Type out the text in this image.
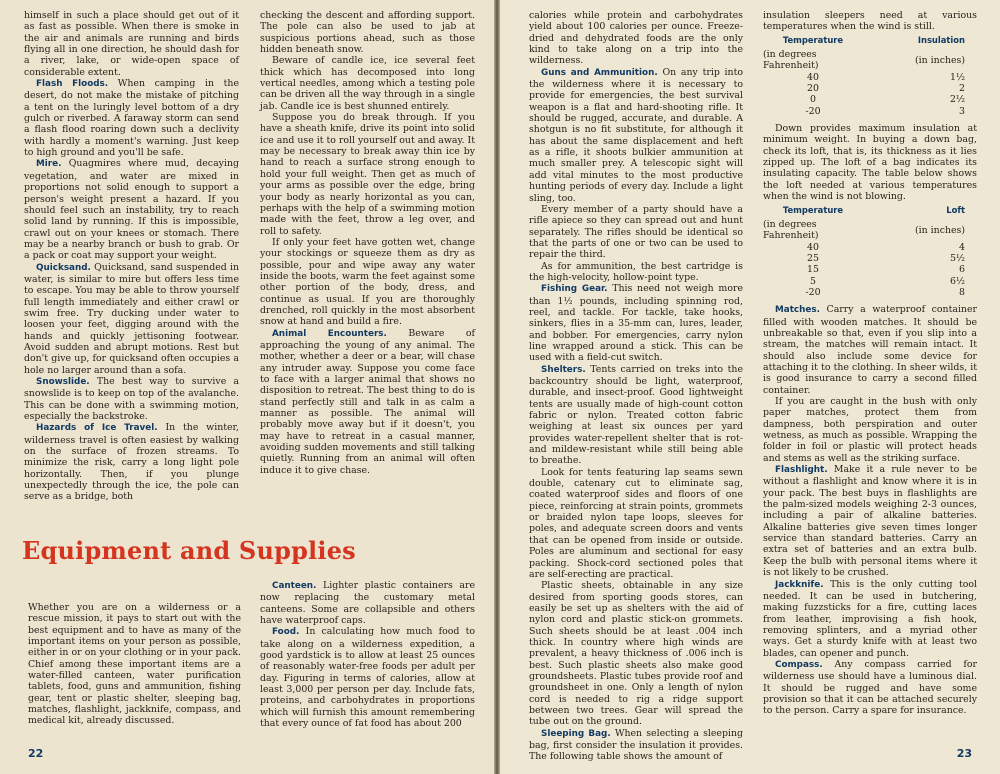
himself in such a place should get out of it as fast as possible. When there is smoke in the air and animals are running and birds flying all in one direction, he should dash for a river, lake, or wide-open space of considerable extent.

Flash Floods. When camping in the desert, do not make the mistake of pitching a tent on the luringly level bottom of a dry gulch or riverbed. A faraway storm can send a flash flood roaring down such a declivity with hardly a moment's warning. Just keep to high ground and you'll be safe.

Mire. Quagmires where mud, decaying vegetation, and water are mixed in proportions not solid enough to support a person's weight present a hazard. If you should feel such an instability, try to reach solid land by running. If this is impossible, crawl out on your knees or stomach. There may be a nearby branch or bush to grab. Or a pack or coat may support your weight.

Quicksand. Quicksand, sand suspended in water, is similar to mire but offers less time to escape. You may be able to throw yourself full length immediately and either crawl or swim free. Try ducking under water to loosen your feet, digging around with the hands and quickly jettisoning footwear. Avoid sudden and abrupt motions. Rest but don't give up, for quicksand often occupies a hole no larger around than a sofa.

Snowslide. The best way to survive a snowslide is to keep on top of the avalanche. This can be done with a swimming motion, especially the backstroke.

Hazards of Ice Travel. In the winter, wilderness travel is often easiest by walking on the surface of frozen streams. To minimize the risk, carry a long light pole horizontally. Then, if you plunge unexpectedly through the ice, the pole can serve as a bridge, both

checking the descent and affording support. The pole can also be used to jab at suspicious portions ahead, such as those hidden beneath snow.

Beware of candle ice, ice several feet thick which has decomposed into long vertical needles, among which a testing pole can be driven all the way through in a single jab. Candle ice is best shunned entirely.

Suppose you do break through. If you have a sheath knife, drive its point into solid ice and use it to roll yourself out and away. It may be necessary to break away thin ice by hand to reach a surface strong enough to hold your full weight. Then get as much of your arms as possible over the edge, bring your body as nearly horizontal as you can, perhaps with the help of a swimming motion made with the feet, throw a leg over, and roll to safety.

If only your feet have gotten wet, change your stockings or squeeze them as dry as possible, pour and wipe away any water inside the boots, warm the feet against some other portion of the body, dress, and continue as usual. If you are thoroughly drenched, roll quickly in the most absorbent snow at hand and build a fire.

Animal Encounters. Beware of approaching the young of any animal. The mother, whether a deer or a bear, will chase any intruder away. Suppose you come face to face with a larger animal that shows no disposition to retreat. The best thing to do is stand perfectly still and talk in as calm a manner as possible. The animal will probably move away but if it doesn't, you may have to retreat in a casual manner, avoiding sudden movements and still talking quietly. Running from an animal will often induce it to give chase.

Equipment and Supplies

Whether you are on a wilderness or a rescue mission, it pays to start out with the best equipment and to have as many of the important items on your person as possible, either in or on your clothing or in your pack. Chief among these important items are a water-filled canteen, water purification tablets, food, guns and ammunition, fishing gear, tent or plastic shelter, sleeping bag, matches, flashlight, jackknife, compass, and medical kit, already discussed.

Canteen. Lighter plastic containers are now replacing the customary metal canteens. Some are collapsible and others have waterproof caps.

Food. In calculating how much food to take along on a wilderness expedition, a good yardstick is to allow at least 25 ounces of reasonably water-free foods per adult per day. Figuring in terms of calories, allow at least 3,000 per person per day. Include fats, proteins, and carbohydrates in proportions which will furnish this amount remembering that every ounce of fat food has about 200

22

calories while protein and carbohydrates yield about 100 calories per ounce. Freeze-dried and dehydrated foods are the only kind to take along on a trip into the wilderness.

Guns and Ammunition. On any trip into the wilderness where it is necessary to provide for emergencies, the best survival weapon is a flat and hard-shooting rifle. It should be rugged, accurate, and durable. A shotgun is no fit substitute, for although it has about the same displacement and heft as a rifle, it shoots bulkier ammunition at much smaller prey. A telescopic sight will add vital minutes to the most productive hunting periods of every day. Include a light sling, too.

Every member of a party should have a rifle apiece so they can spread out and hunt separately. The rifles should be identical so that the parts of one or two can be used to repair the third.

As for ammunition, the best cartridge is the high-velocity, hollow-point type.

Fishing Gear. This need not weigh more than 1½ pounds, including spinning rod, reel, and tackle. For tackle, take hooks, sinkers, flies in a 35-mm can, lures, leader, and bobber. For emergencies, carry nylon line wrapped around a stick. This can be used with a field-cut switch.

Shelters. Tents carried on treks into the backcountry should be light, waterproof, durable, and insect-proof. Good lightweight tents are usually made of high-count cotton fabric or nylon. Treated cotton fabric weighing at least six ounces per yard provides water-repellent shelter that is rot- and mildew-resistant while still being able to breathe.

Look for tents featuring lap seams sewn double, catenary cut to eliminate sag, coated waterproof sides and floors of one piece, reinforcing at strain points, grommets or braided nylon tape loops, sleeves for poles, and adequate screen doors and vents that can be opened from inside or outside. Poles are aluminum and sectional for easy packing. Shock-cord sectioned poles that are self-erecting are practical.

Plastic sheets, obtainable in any size desired from sporting goods stores, can easily be set up as shelters with the aid of nylon cord and plastic stick-on grommets. Such sheets should be at least .004 inch thick. In country where high winds are prevalent, a heavy thickness of .006 inch is best. Such plastic sheets also make good groundsheets. Plastic tubes provide roof and groundsheet in one. Only a length of nylon cord is needed to rig a ridge support between two trees. Gear will spread the tube out on the ground.

Sleeping Bag. When selecting a sleeping bag, first consider the insulation it provides. The following table shows the amount of

insulation sleepers need at various temperatures when the wind is still.

Temperature	Insulation
(in degrees Fahrenheit)	(in inches)
40	1½
20	2
0	2½
-20	3

Down provides maximum insulation at minimum weight. In buying a down bag, check its loft, that is, its thickness as it lies zipped up. The loft of a bag indicates its insulating capacity. The table below shows the loft needed at various temperatures when the wind is not blowing.

Temperature	Loft
(in degrees Fahrenheit)	(in inches)
40	4
25	5½
15	6
5	6½
-20	8

Matches. Carry a waterproof container filled with wooden matches. It should be unbreakable so that, even if you slip into a stream, the matches will remain intact. It should also include some device for attaching it to the clothing. In sheer wilds, it is good insurance to carry a second filled container.

If you are caught in the bush with only paper matches, protect them from dampness, both perspiration and outer wetness, as much as possible. Wrapping the folder in foil or plastic will protect heads and stems as well as the striking surface.

Flashlight. Make it a rule never to be without a flashlight and know where it is in your pack. The best buys in flashlights are the palm-sized models weighing 2-3 ounces, including a pair of alkaline batteries. Alkaline batteries give seven times longer service than standard batteries. Carry an extra set of batteries and an extra bulb. Keep the bulb with personal items where it is not likely to be crushed.

Jackknife. This is the only cutting tool needed. It can be used in butchering, making fuzzsticks for a fire, cutting laces from leather, improvising a fish hook, removing splinters, and a myriad other ways. Get a sturdy knife with at least two blades, can opener and punch.

Compass. Any compass carried for wilderness use should have a luminous dial. It should be rugged and have some provision so that it can be attached securely to the person. Carry a spare for insurance.

23
